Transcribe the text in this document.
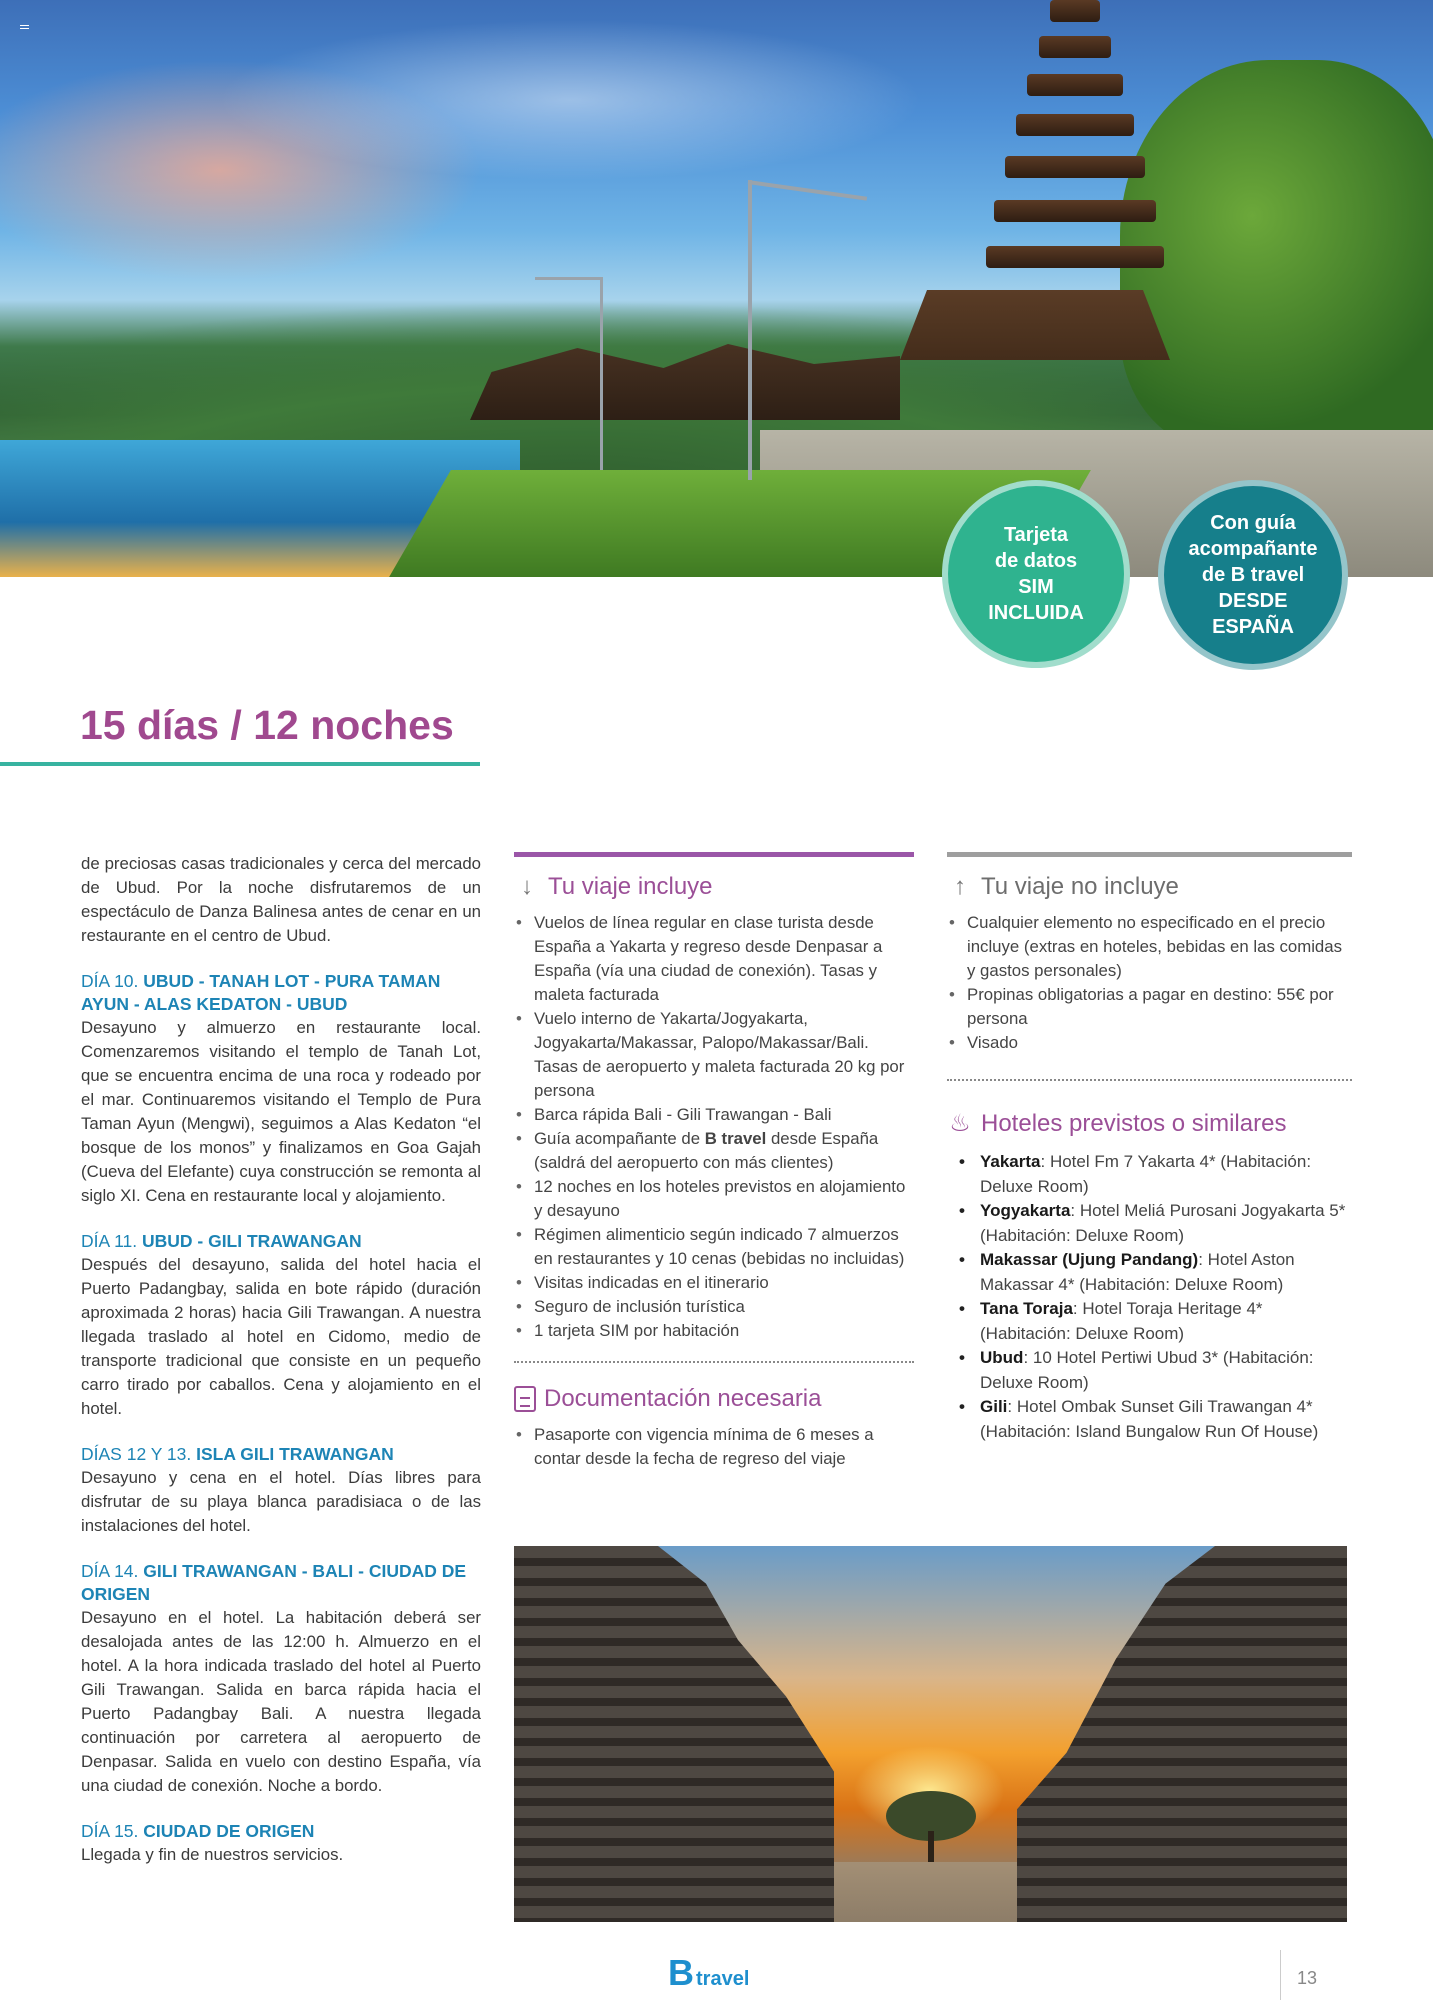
Tarjeta
de datos
SIM
INCLUIDA
Con guía
acompañante
de B travel
DESDE
ESPAÑA
15 días / 12 noches

de preciosas casas tradicionales y cerca del mercado de Ubud. Por la noche disfrutaremos de un espectáculo de Danza Balinesa antes de cenar en un restaurante en el centro de Ubud.

DÍA 10. UBUD - TANAH LOT - PURA TAMAN AYUN - ALAS KEDATON - UBUD

Desayuno y almuerzo en restaurante local. Comenzaremos visitando el templo de Tanah Lot, que se encuentra encima de una roca y rodeado por el mar. Continuaremos visitando el Templo de Pura Taman Ayun (Mengwi), seguimos a Alas Kedaton “el bosque de los monos” y finalizamos en Goa Gajah (Cueva del Elefante) cuya construcción se remonta al siglo XI. Cena en restaurante local y alojamiento.

DÍA 11. UBUD - GILI TRAWANGAN

Después del desayuno, salida del hotel hacia el Puerto Padangbay, salida en bote rápido (duración aproximada 2 horas) hacia Gili Trawangan. A nuestra llegada traslado al hotel en Cidomo, medio de transporte tradicional que consiste en un pequeño carro tirado por caballos. Cena y alojamiento en el hotel.

DÍAS 12 Y 13. ISLA GILI TRAWANGAN

Desayuno y cena en el hotel. Días libres para disfrutar de su playa blanca paradisiaca o de las instalaciones del hotel.

DÍA 14. GILI TRAWANGAN - BALI - CIUDAD DE ORIGEN

Desayuno en el hotel. La habitación deberá ser desalojada antes de las 12:00 h. Almuerzo en el hotel. A la hora indicada traslado del hotel al Puerto Gili Trawangan. Salida en barca rápida hacia el Puerto Padangbay Bali. A nuestra llegada continuación por carretera al aeropuerto de Denpasar. Salida en vuelo con destino España, vía una ciudad de conexión. Noche a bordo.

DÍA 15. CIUDAD DE ORIGEN

Llegada y fin de nuestros servicios.

↓ Tu viaje incluye
• Vuelos de línea regular en clase turista desde España a Yakarta y regreso desde Denpasar a España (vía una ciudad de conexión). Tasas y maleta facturada
• Vuelo interno de Yakarta/Jogyakarta, Jogyakarta/Makassar, Palopo/Makassar/Bali. Tasas de aeropuerto y maleta facturada 20 kg por persona
• Barca rápida Bali - Gili Trawangan - Bali
• Guía acompañante de B travel desde España (saldrá del aeropuerto con más clientes)
• 12 noches en los hoteles previstos en alojamiento y desayuno
• Régimen alimenticio según indicado 7 almuerzos en restaurantes y 10 cenas (bebidas no incluidas)
• Visitas indicadas en el itinerario
• Seguro de inclusión turística
• 1 tarjeta SIM por habitación
Documentación necesaria
• Pasaporte con vigencia mínima de 6 meses a contar desde la fecha de regreso del viaje
↑ Tu viaje no incluye
• Cualquier elemento no especificado en el precio incluye (extras en hoteles, bebidas en las comidas y gastos personales)
• Propinas obligatorias a pagar en destino: 55€ por persona
• Visado
♨ Hoteles previstos o similares
• Yakarta: Hotel Fm 7 Yakarta 4* (Habitación: Deluxe Room)
• Yogyakarta: Hotel Meliá Purosani Jogyakarta 5* (Habitación: Deluxe Room)
• Makassar (Ujung Pandang): Hotel Aston Makassar 4* (Habitación: Deluxe Room)
• Tana Toraja: Hotel Toraja Heritage 4* (Habitación: Deluxe Room)
• Ubud: 10 Hotel Pertiwi Ubud 3* (Habitación: Deluxe Room)
• Gili: Hotel Ombak Sunset Gili Trawangan 4* (Habitación: Island Bungalow Run Of House)
B travel	13
